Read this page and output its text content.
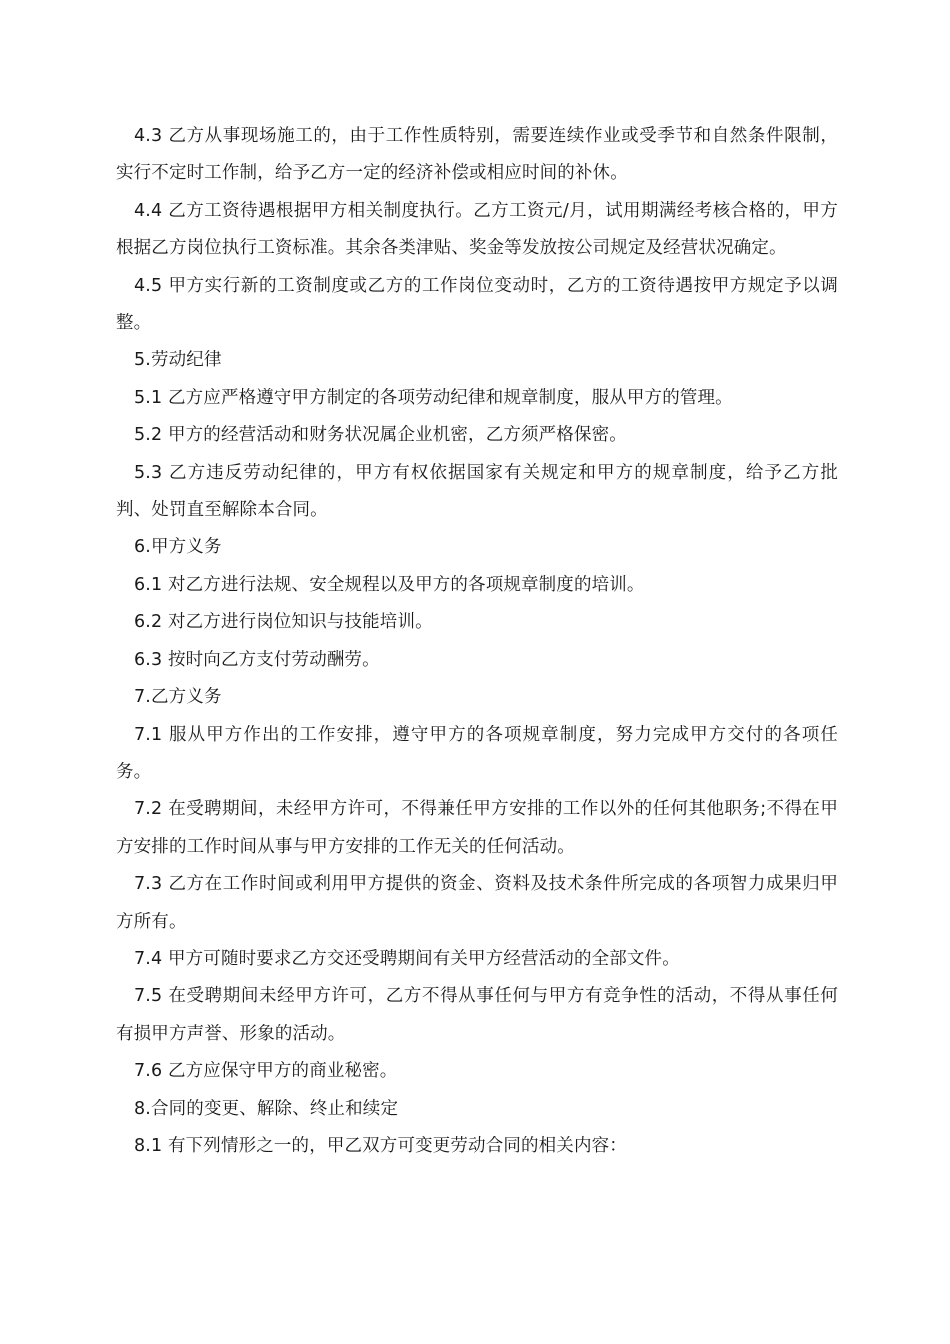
4.3 乙方从事现场施工的，由于工作性质特别，需要连续作业或受季节和自然条件限制，实行不定时工作制，给予乙方一定的经济补偿或相应时间的补休。

4.4 乙方工资待遇根据甲方相关制度执行。乙方工资元/月，试用期满经考核合格的，甲方根据乙方岗位执行工资标准。其余各类津贴、奖金等发放按公司规定及经营状况确定。

4.5 甲方实行新的工资制度或乙方的工作岗位变动时，乙方的工资待遇按甲方规定予以调整。

5.劳动纪律

5.1 乙方应严格遵守甲方制定的各项劳动纪律和规章制度，服从甲方的管理。

5.2 甲方的经营活动和财务状况属企业机密，乙方须严格保密。

5.3 乙方违反劳动纪律的，甲方有权依据国家有关规定和甲方的规章制度，给予乙方批判、处罚直至解除本合同。

6.甲方义务

6.1 对乙方进行法规、安全规程以及甲方的各项规章制度的培训。

6.2 对乙方进行岗位知识与技能培训。

6.3 按时向乙方支付劳动酬劳。

7.乙方义务

7.1 服从甲方作出的工作安排，遵守甲方的各项规章制度，努力完成甲方交付的各项任务。

7.2 在受聘期间，未经甲方许可，不得兼任甲方安排的工作以外的任何其他职务;不得在甲方安排的工作时间从事与甲方安排的工作无关的任何活动。

7.3 乙方在工作时间或利用甲方提供的资金、资料及技术条件所完成的各项智力成果归甲方所有。

7.4 甲方可随时要求乙方交还受聘期间有关甲方经营活动的全部文件。

7.5 在受聘期间未经甲方许可，乙方不得从事任何与甲方有竞争性的活动，不得从事任何有损甲方声誉、形象的活动。

7.6 乙方应保守甲方的商业秘密。

8.合同的变更、解除、终止和续定

8.1 有下列情形之一的，甲乙双方可变更劳动合同的相关内容：
